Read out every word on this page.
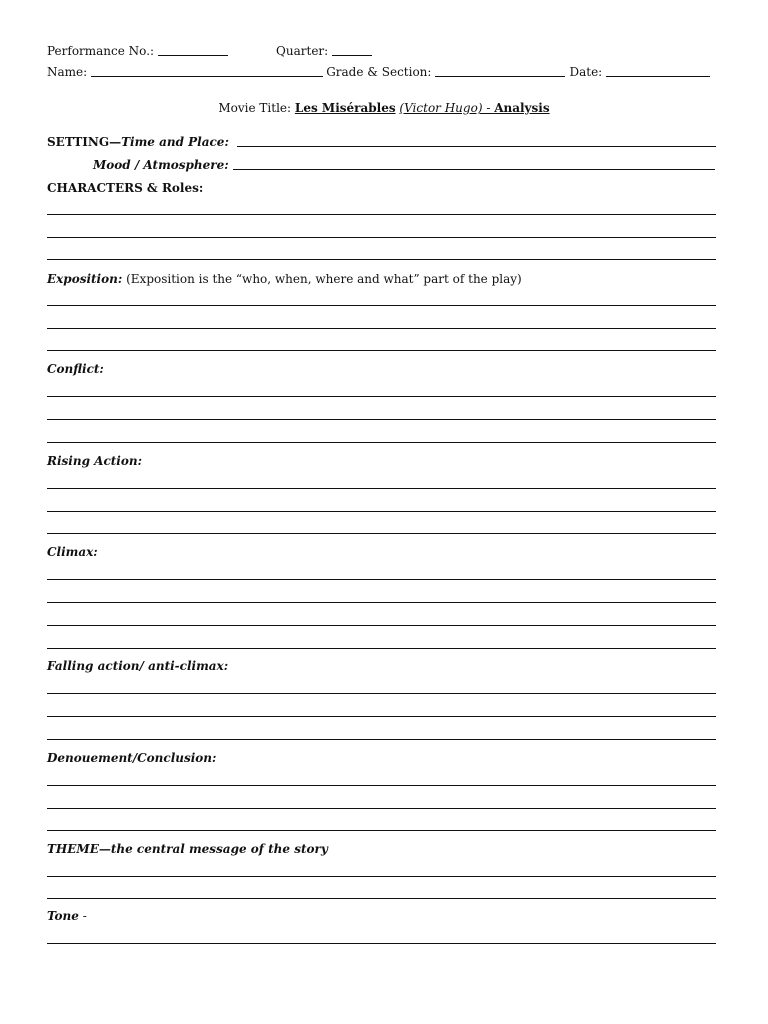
Performance No.:	Quarter:
Name:	Grade & Section:	Date:
Movie Title: Les Misérables (Victor Hugo) - Analysis
SETTING— Time and Place:
Mood / Atmosphere:
CHARACTERS & Roles:
Exposition: (Exposition is the “who, when, where and what” part of the play)
Conflict:
Rising Action:
Climax:
Falling action/ anti-climax:
Denouement/Conclusion:
THEME—the central message of the story
Tone -
